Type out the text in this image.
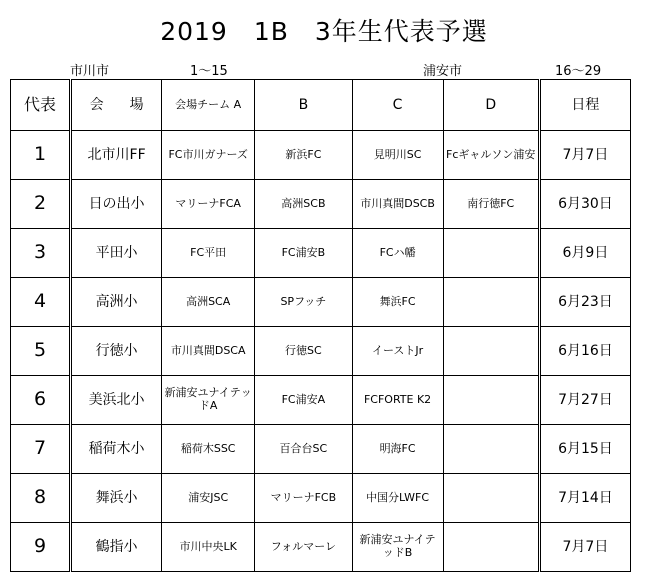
2019　1B　3年生代表予選
市川市	1～15	浦安市	16～29
代表	会 場	会場チーム A	B	C	D	日程
1	北市川FF	FC市川ガナーズ	新浜FC	見明川SC	Fcギャルソン浦安	7月7日
2	日の出小	マリーナFCA	高洲SCB	市川真間DSCB	南行徳FC	6月30日
3	平田小	FC平田	FC浦安B	FCハ幡		6月9日
4	高洲小	高洲SCA	SPフッチ	舞浜FC		6月23日
5	行徳小	市川真間DSCA	行徳SC	イーストJr		6月16日
6	美浜北小	新浦安ユナイテッドA	FC浦安A	FCFORTE K2		7月27日
7	稲荷木小	稲荷木SSC	百合台SC	明海FC		6月15日
8	舞浜小	浦安JSC	マリーナFCB	中国分LWFC		7月14日
9	鶴指小	市川中央LK	フォルマーレ	新浦安ユナイテッドB		7月7日
